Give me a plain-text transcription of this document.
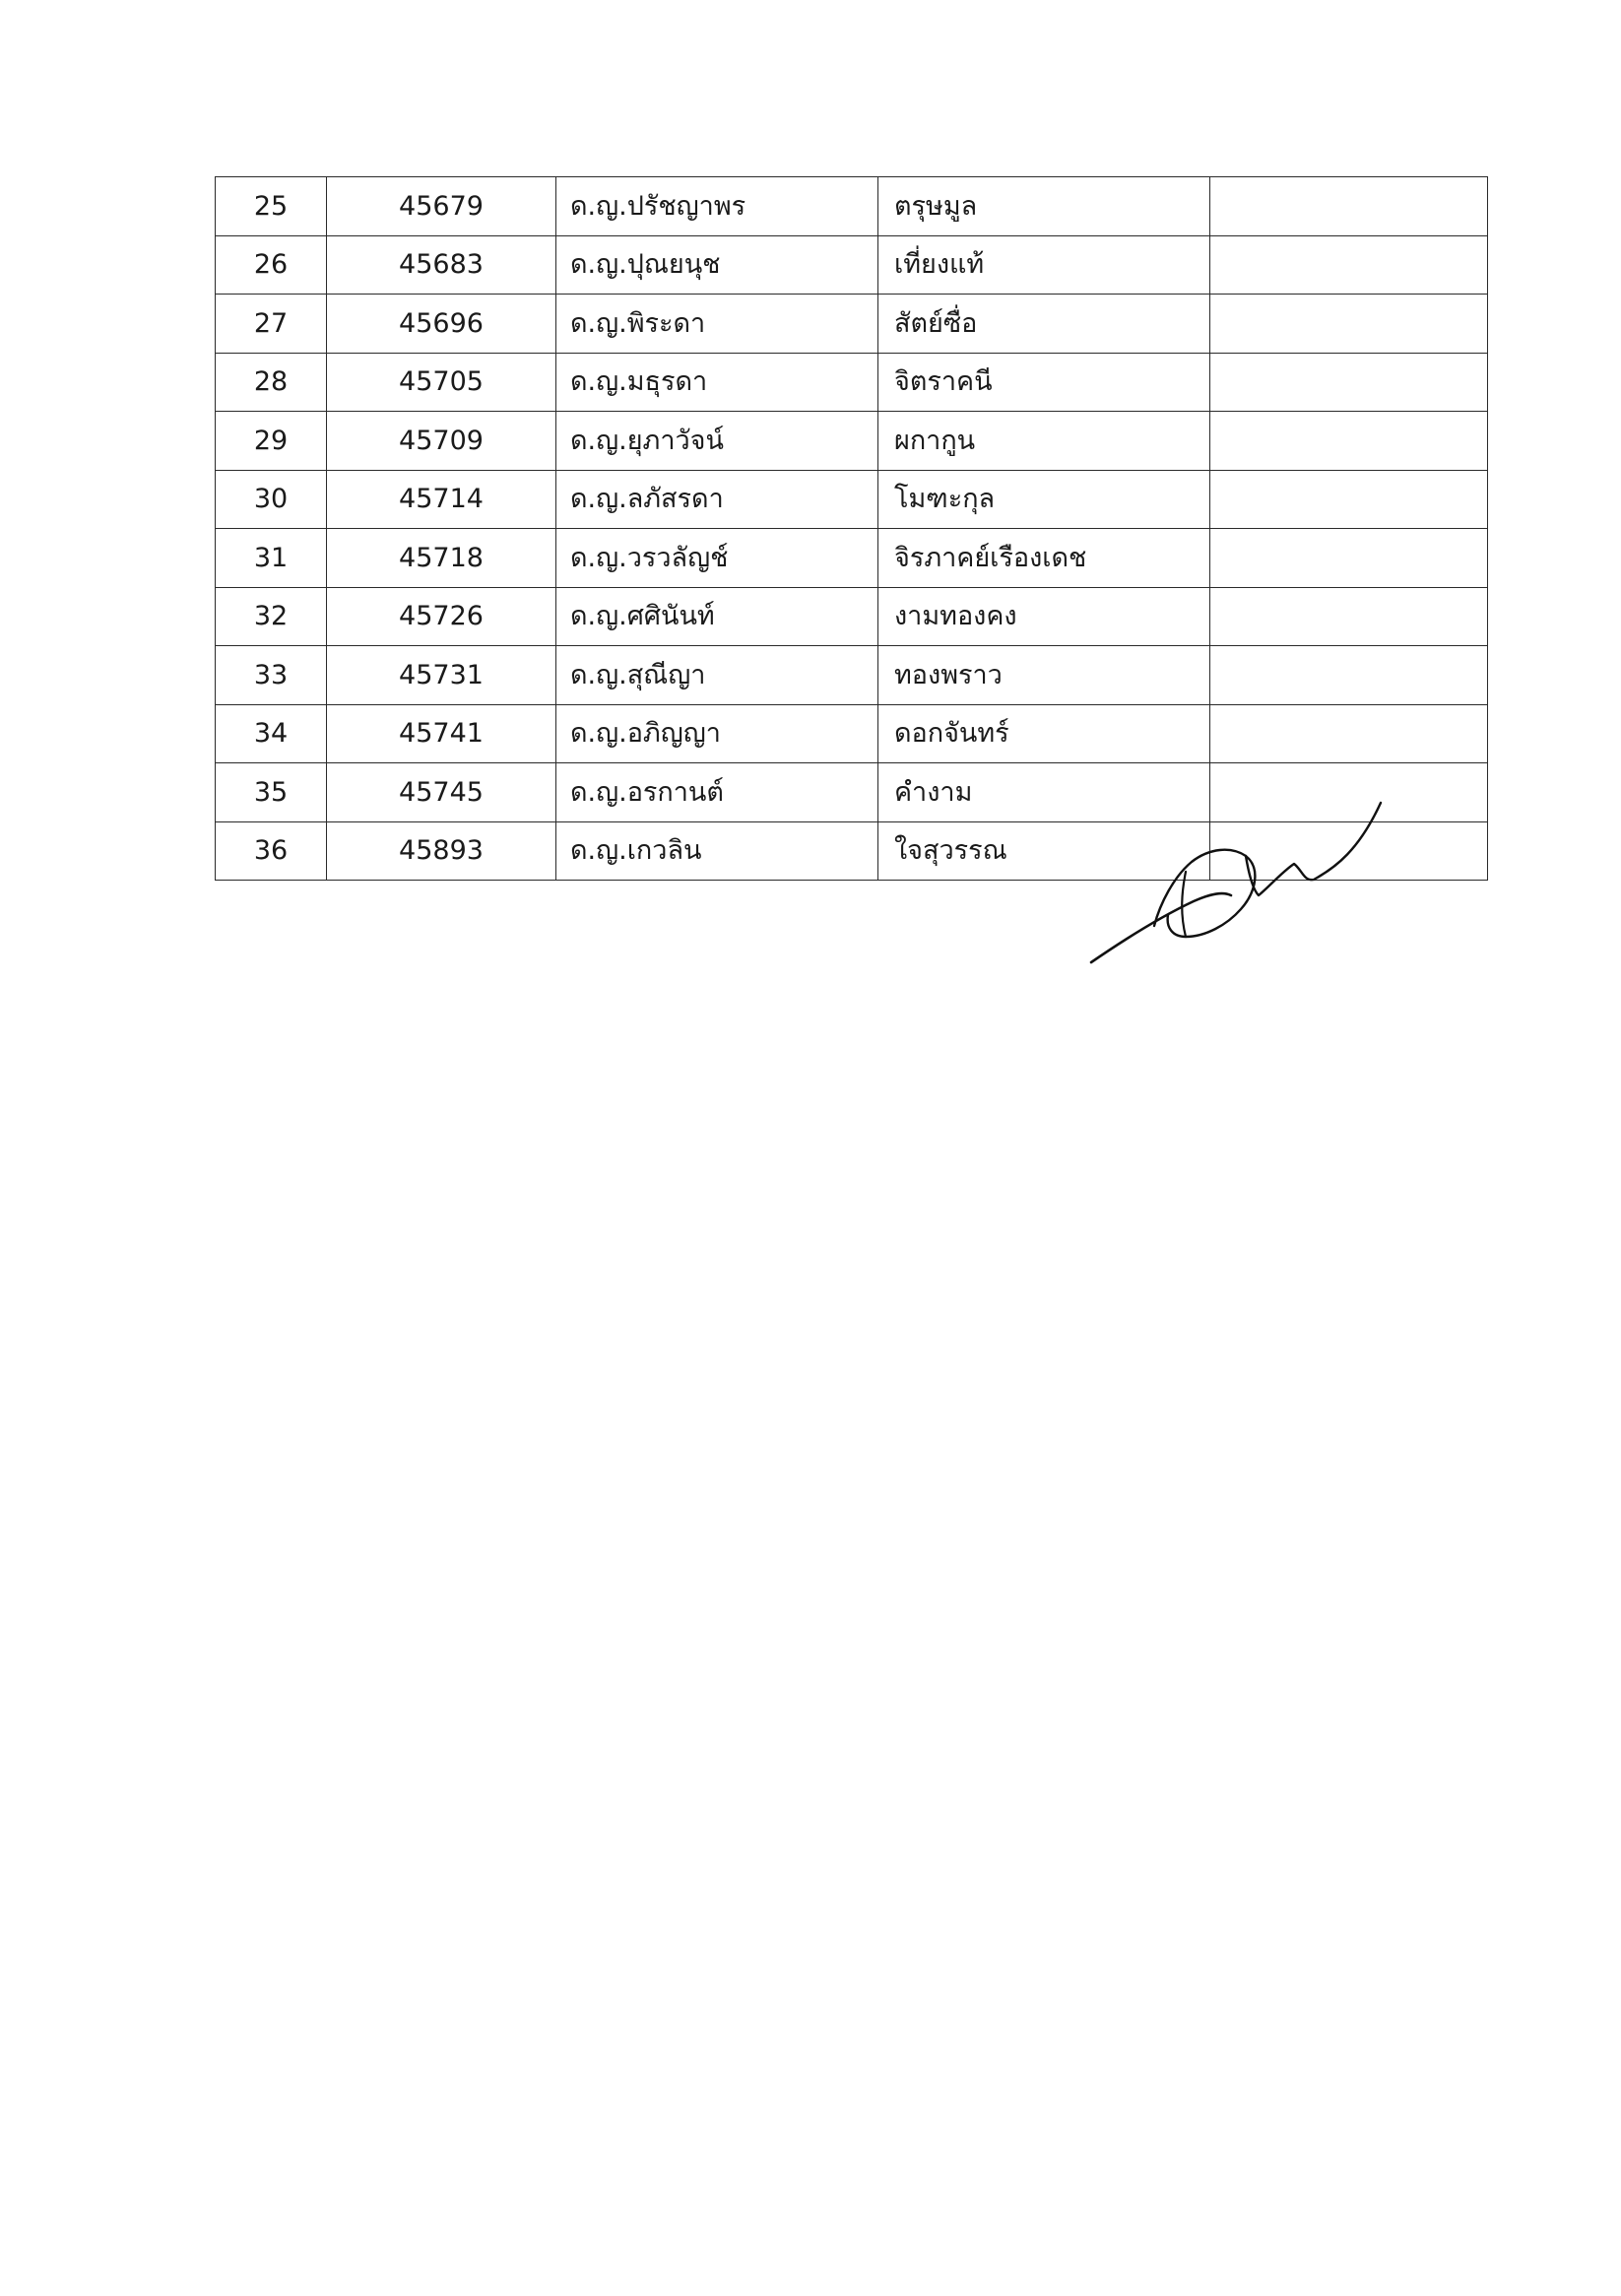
25	45679	ด.ญ.ปรัชญาพร	ตรุษมูล	
26	45683	ด.ญ.ปุณยนุช	เที่ยงแท้	
27	45696	ด.ญ.พิระดา	สัตย์ซื่อ	
28	45705	ด.ญ.มธุรดา	จิตราคนี	
29	45709	ด.ญ.ยุภาวัจน์	ผกากูน	
30	45714	ด.ญ.ลภัสรดา	โมฑะกุล	
31	45718	ด.ญ.วรวลัญช์	จิรภาคย์เรืองเดช	
32	45726	ด.ญ.ศศินันท์	งามทองคง	
33	45731	ด.ญ.สุณีญา	ทองพราว	
34	45741	ด.ญ.อภิญญา	ดอกจันทร์	
35	45745	ด.ญ.อรกานต์	คำงาม	
36	45893	ด.ญ.เกวลิน	ใจสุวรรณ	
